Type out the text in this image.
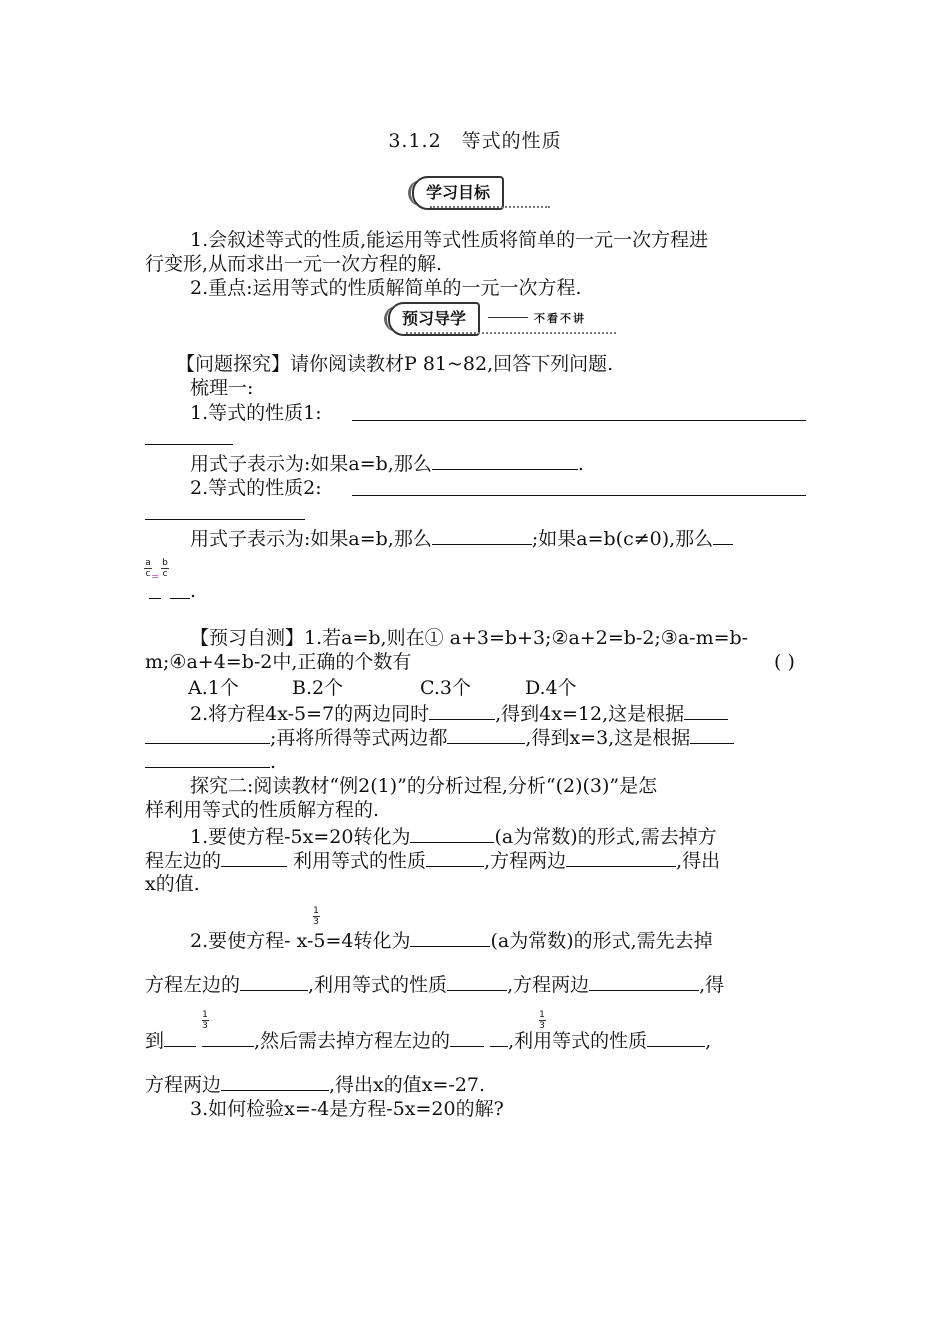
3.1.2　等式的性质
学习目标
1.会叙述等式的性质,能运用等式性质将简单的一元一次方程进
行变形,从而求出一元一次方程的解.
2.重点:运用等式的性质解简单的一元一次方程.
预习导学	不看不讲
【问题探究】请你阅读教材P 81~82,回答下列问题.
梳理一:
1.等式的性质1:
用式子表示为:如果a=b,那么	.
2.等式的性质2:
用式子表示为:如果a=b,那么	;如果a=b(c≠0),那么
a
c
b
c
=
.
【预习自测】1.若a=b,则在① a+3=b+3;②a+2=b-2;③a-m=b-
m;④a+4=b-2中,正确的个数有	( )
A.1个	B.2个	C.3个	D.4个
2.将方程4x-5=7的两边同时	,得到4x=12,这是根据
;再将所得等式两边都	,得到x=3,这是根据
.
探究二:阅读教材“例2(1)”的分析过程,分析“(2)(3)”是怎
样利用等式的性质解方程的.
1.要使方程-5x=20转化为	(a为常数)的形式,需去掉方
程左边的	利用等式的性质	,方程两边	,得出
x的值.
2.要使方程- x-5=4转化为	(a为常数)的形式,需先去掉
1
3
方程左边的	,利用等式的性质	,方程两边	,得
到	,然后需去掉方程左边的	,利用等式的性质	,
1
3
1
3
方程两边	,得出x的值x=-27.
3.如何检验x=-4是方程-5x=20的解?
